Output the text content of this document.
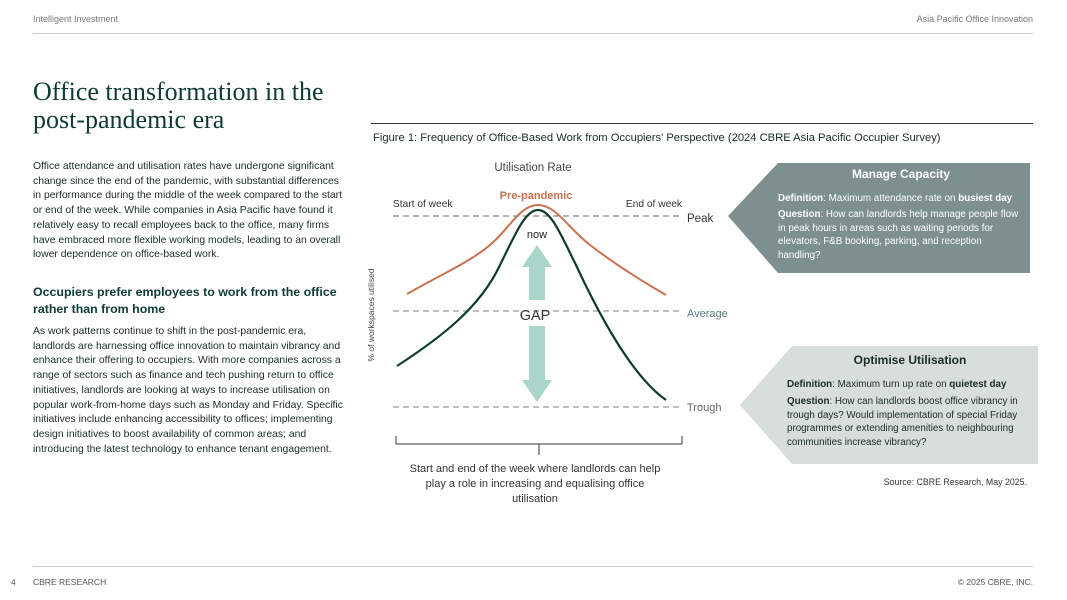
Intelligent Investment	Asia Pacific Office Innovation
Office transformation in the post-pandemic era

Office attendance and utilisation rates have undergone significant change since the end of the pandemic, with substantial differences in performance during the middle of the week compared to the start or end of the week. While companies in Asia Pacific have found it relatively easy to recall employees back to the office, many firms have embraced more flexible working models, leading to an overall lower dependence on office-based work.

Occupiers prefer employees to work from the office rather than from home

As work patterns continue to shift in the post-pandemic era, landlords are harnessing office innovation to maintain vibrancy and enhance their offering to occupiers. With more companies across a range of sectors such as finance and tech pushing return to office initiatives, landlords are looking at ways to increase utilisation on popular work-from-home days such as Monday and Friday. Specific initiatives include enhancing accessibility to offices; implementing design initiatives to boost availability of common areas; and introducing the latest technology to enhance tenant engagement.

Figure 1: Frequency of Office-Based Work from Occupiers' Perspective (2024 CBRE Asia Pacific Occupier Survey)
Utilisation Rate
Start of week	End of week
Pre-pandemic
now
GAP
Peak
Average
Trough
% of workspaces utilised
Manage Capacity
Definition: Maximum attendance rate on busiest day
Question: How can landlords help manage people flow in peak hours in areas such as waiting periods for elevators, F&B booking, parking, and reception handling?
Optimise Utilisation
Definition: Maximum turn up rate on quietest day
Question: How can landlords boost office vibrancy in trough days? Would implementation of special Friday programmes or extending amenities to neighbouring communities increase vibrancy?
Start and end of the week where landlords can help play a role in increasing and equalising office utilisation
Source: CBRE Research, May 2025.
4 CBRE RESEARCH	© 2025 CBRE, INC.
